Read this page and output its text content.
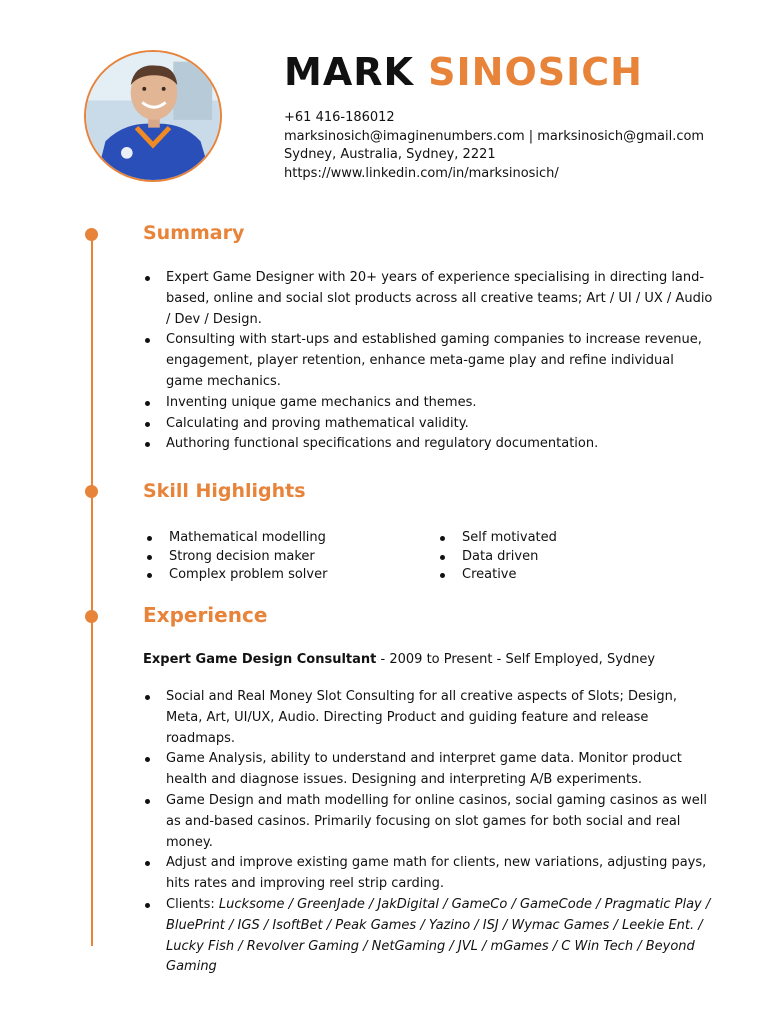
MARK SINOSICH
+61 416-186012
marksinosich@imaginenumbers.com | marksinosich@gmail.com
Sydney, Australia, Sydney, 2221
https://www.linkedin.com/in/marksinosich/
Summary
Expert Game Designer with 20+ years of experience specialising in directing land-based, online and social slot products across all creative teams; Art / UI / UX / Audio / Dev / Design.
Consulting with start-ups and established gaming companies to increase revenue, engagement, player retention, enhance meta-game play and refine individual game mechanics.
Inventing unique game mechanics and themes.
Calculating and proving mathematical validity.
Authoring functional specifications and regulatory documentation.
Skill Highlights
Mathematical modelling
Strong decision maker
Complex problem solver
Self motivated
Data driven
Creative
Experience
Expert Game Design Consultant - 2009 to Present - Self Employed, Sydney
Social and Real Money Slot Consulting for all creative aspects of Slots; Design, Meta, Art, UI/UX, Audio. Directing Product and guiding feature and release roadmaps.
Game Analysis, ability to understand and interpret game data. Monitor product health and diagnose issues. Designing and interpreting A/B experiments.
Game Design and math modelling for online casinos, social gaming casinos as well as and-based casinos. Primarily focusing on slot games for both social and real money.
Adjust and improve existing game math for clients, new variations, adjusting pays, hits rates and improving reel strip carding.
Clients: Lucksome / GreenJade / JakDigital / GameCo / GameCode / Pragmatic Play / BluePrint / IGS / IsoftBet / Peak Games / Yazino / ISJ / Wymac Games / Leekie Ent. / Lucky Fish / Revolver Gaming / NetGaming / JVL / mGames / C Win Tech / Beyond Gaming
